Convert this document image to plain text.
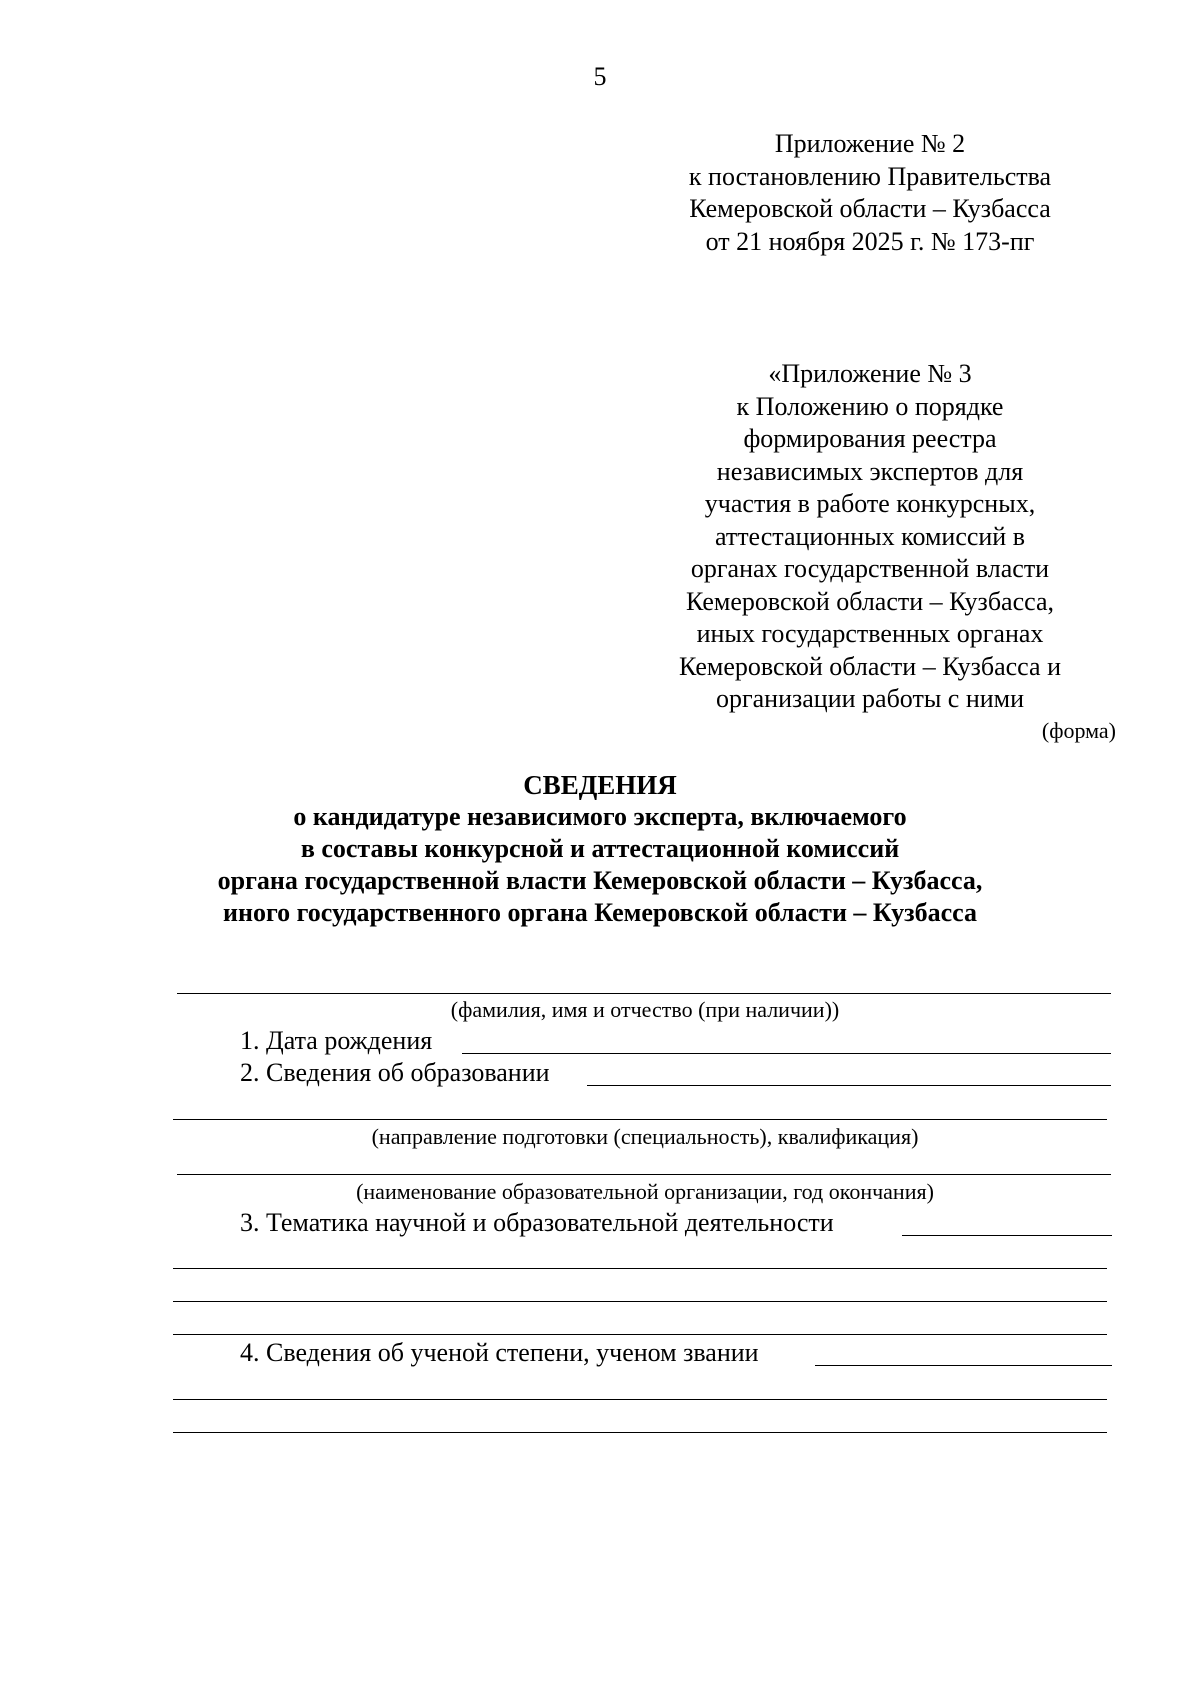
5
Приложение № 2
к постановлению Правительства
Кемеровской области – Кузбасса
от 21 ноября 2025 г. № 173-пг
«Приложение № 3
к Положению о порядке
формирования реестра
независимых экспертов для
участия в работе конкурсных,
аттестационных комиссий в
органах государственной власти
Кемеровской области – Кузбасса,
иных государственных органах
Кемеровской области – Кузбасса и
организации работы с ними
(форма)
СВЕДЕНИЯ
о кандидатуре независимого эксперта, включаемого
в составы конкурсной и аттестационной комиссий
органа государственной власти Кемеровской области – Кузбасса,
иного государственного органа Кемеровской области – Кузбасса
(фамилия, имя и отчество (при наличии))
1. Дата рождения
2. Сведения об образовании
(направление подготовки (специальность), квалификация)
(наименование образовательной организации, год окончания)
3. Тематика научной и образовательной деятельности
4. Сведения об ученой степени, ученом звании
